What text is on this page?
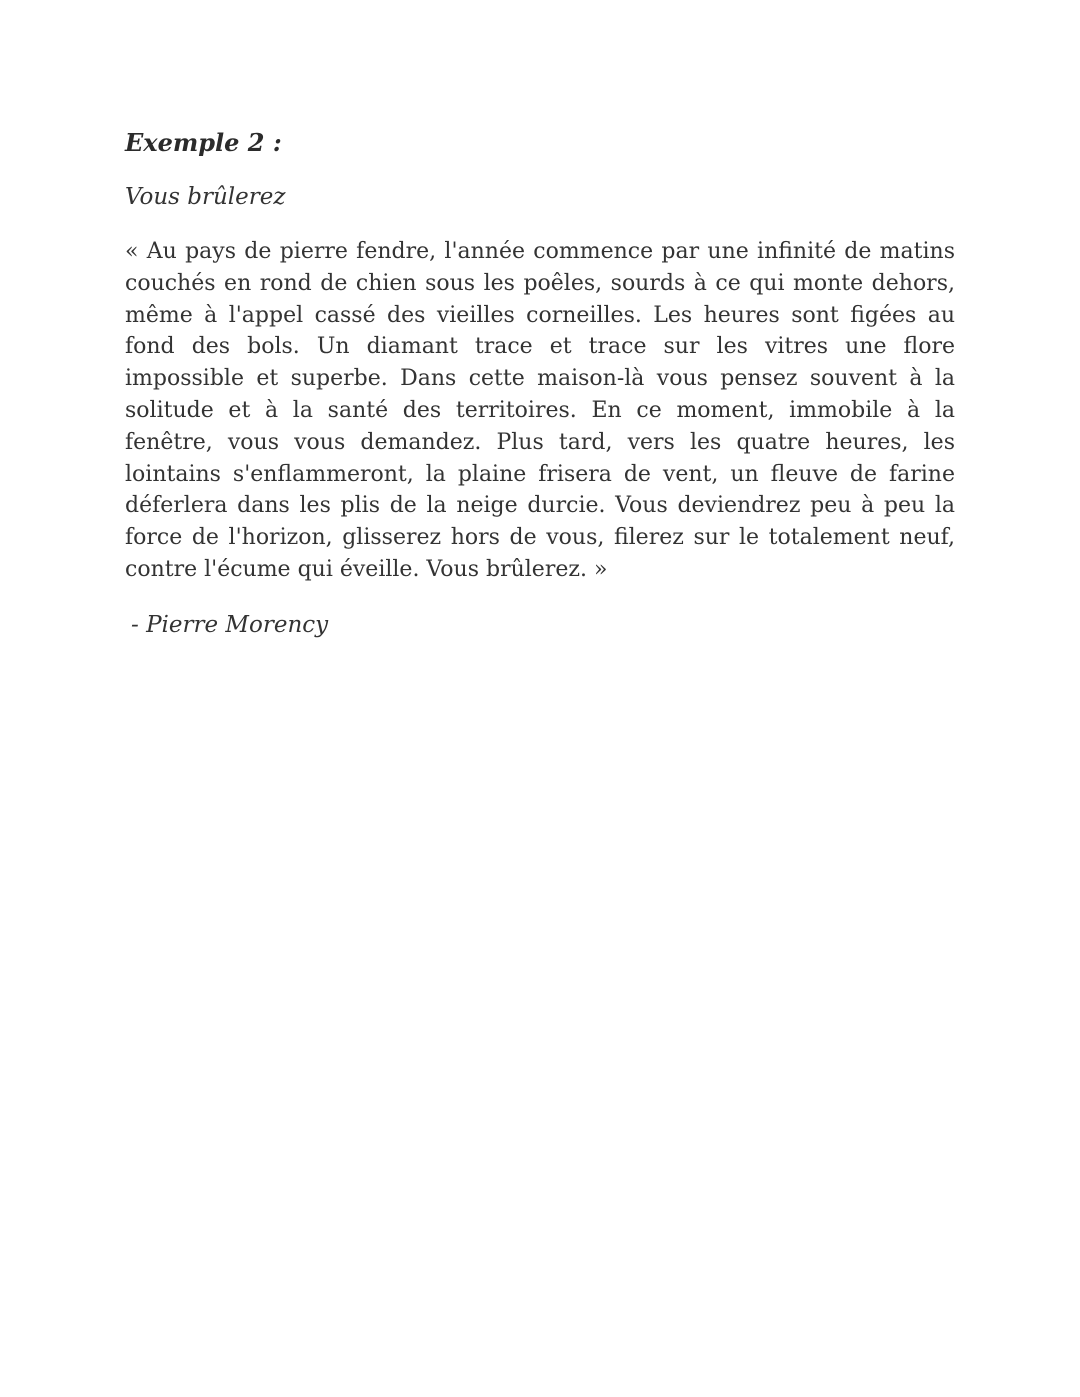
Exemple 2 :

Vous brûlerez

« Au pays de pierre fendre, l'année commence par une infinité de matins couchés en rond de chien sous les poêles, sourds à ce qui monte dehors, même à l'appel cassé des vieilles corneilles. Les heures sont figées au fond des bols. Un diamant trace et trace sur les vitres une flore impossible et superbe. Dans cette maison-là vous pensez souvent à la solitude et à la santé des territoires. En ce moment, immobile à la fenêtre, vous vous demandez. Plus tard, vers les quatre heures, les lointains s'enflammeront, la plaine frisera de vent, un fleuve de farine déferlera dans les plis de la neige durcie. Vous deviendrez peu à peu la force de l'horizon, glisserez hors de vous, filerez sur le totalement neuf, contre l'écume qui éveille. Vous brûlerez. »

- Pierre Morency
